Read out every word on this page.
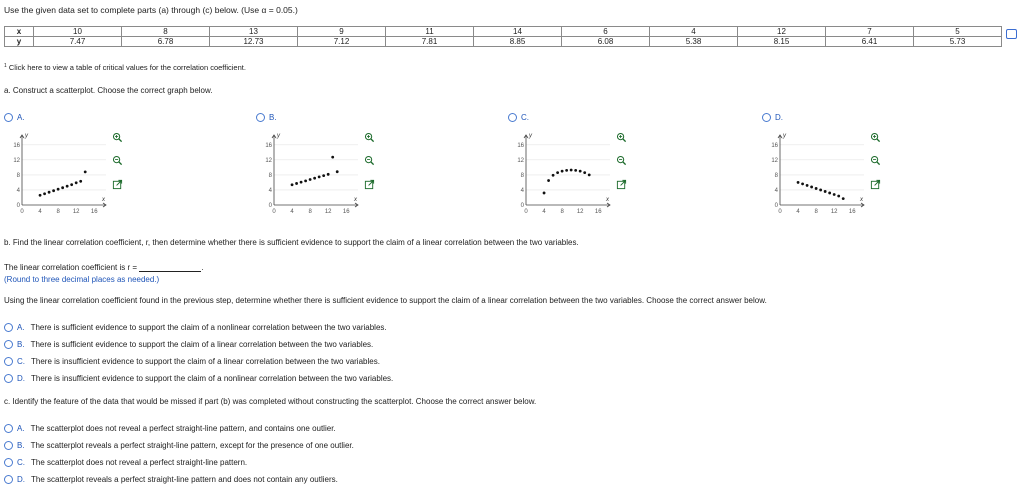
Use the given data set to complete parts (a) through (c) below. (Use α = 0.05.)
x	10	8	13	9	11	14	6	4	12	7	5
y	7.47	6.78	12.73	7.12	7.81	8.85	6.08	5.38	8.15	6.41	5.73
$^1$ Click here to view a table of critical values for the correlation coefficient.
a. Construct a scatterplot. Choose the correct graph below.
A.
y
x
16
12
8
4
0
0 4 8 12 16
B.
y
x
16
12
8
4
0
0 4 8 12 16
C.
y
x
16
12
8
4
0
0 4 8 12 16
D.
y
x
16
12
8
4
0
0 4 8 12 16
b. Find the linear correlation coefficient, r, then determine whether there is sufficient evidence to support the claim of a linear correlation between the two variables.
The linear correlation coefficient is r =	.
(Round to three decimal places as needed.)
Using the linear correlation coefficient found in the previous step, determine whether there is sufficient evidence to support the claim of a linear correlation between the two variables. Choose the correct answer below.
A. There is sufficient evidence to support the claim of a nonlinear correlation between the two variables.
B. There is sufficient evidence to support the claim of a linear correlation between the two variables.
C. There is insufficient evidence to support the claim of a linear correlation between the two variables.
D. There is insufficient evidence to support the claim of a nonlinear correlation between the two variables.
c. Identify the feature of the data that would be missed if part (b) was completed without constructing the scatterplot. Choose the correct answer below.
A. The scatterplot does not reveal a perfect straight-line pattern, and contains one outlier.
B. The scatterplot reveals a perfect straight-line pattern, except for the presence of one outlier.
C. The scatterplot does not reveal a perfect straight-line pattern.
D. The scatterplot reveals a perfect straight-line pattern and does not contain any outliers.
